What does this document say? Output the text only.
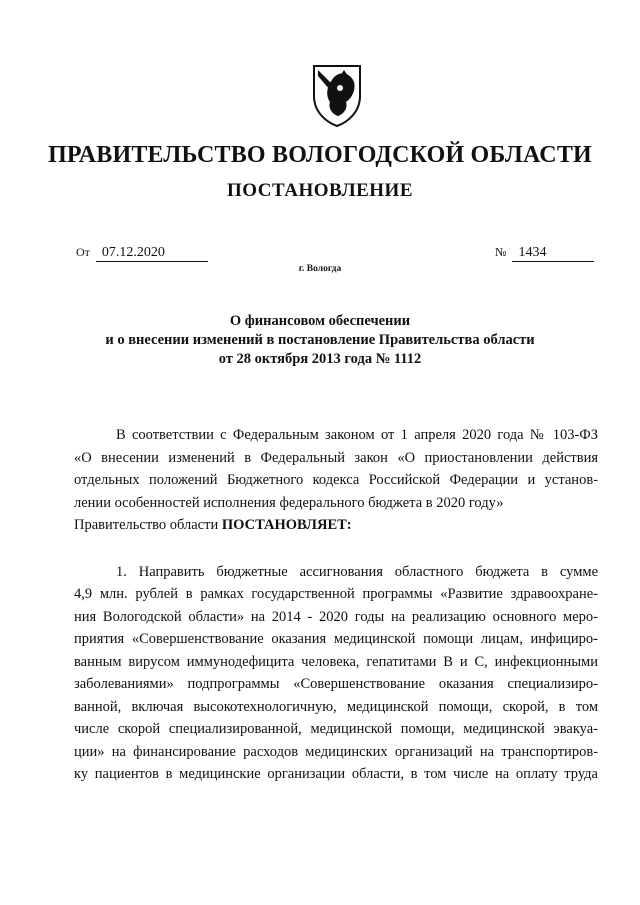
ПРАВИТЕЛЬСТВО ВОЛОГОДСКОЙ ОБЛАСТИ
ПОСТАНОВЛЕНИЕ
От 07.12.2020	№ 1434
г. Вологда
О финансовом обеспечении
и о внесении изменений в постановление Правительства области
от 28 октября 2013 года № 1112
В соответствии с Федеральным законом от 1 апреля 2020 года № 103-ФЗ
«О внесении изменений в Федеральный закон «О приостановлении действия
отдельных положений Бюджетного кодекса Российской Федерации и установ-
лении особенностей исполнения федерального бюджета в 2020 году»
Правительство области ПОСТАНОВЛЯЕТ:
1. Направить бюджетные ассигнования областного бюджета в сумме
4,9 млн. рублей в рамках государственной программы «Развитие здравоохране-
ния Вологодской области» на 2014 - 2020 годы на реализацию основного меро-
приятия «Совершенствование оказания медицинской помощи лицам, инфициро-
ванным вирусом иммунодефицита человека, гепатитами В и С, инфекционными
заболеваниями» подпрограммы «Совершенствование оказания специализиро-
ванной, включая высокотехнологичную, медицинской помощи, скорой, в том
числе скорой специализированной, медицинской помощи, медицинской эвакуа-
ции» на финансирование расходов медицинских организаций на транспортиров-
ку пациентов в медицинские организации области, в том числе на оплату труда
